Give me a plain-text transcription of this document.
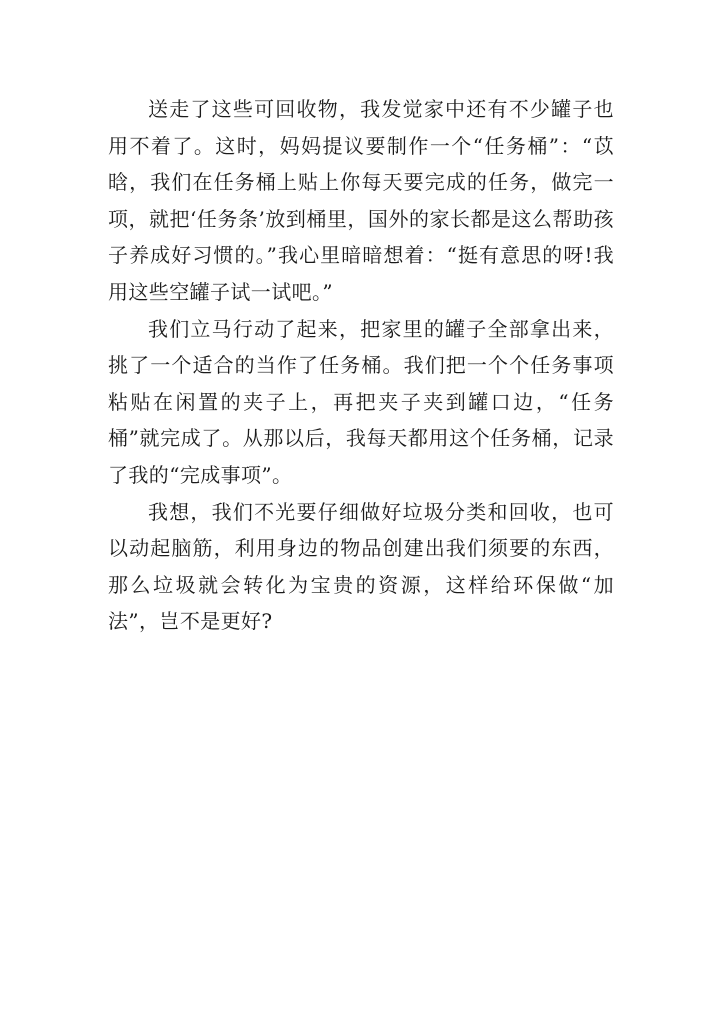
送走了这些可回收物，我发觉家中还有不少罐子也用不着了。这时，妈妈提议要制作一个“任务桶”：“苡晗，我们在任务桶上贴上你每天要完成的任务，做完一项，就把‘任务条’放到桶里，国外的家长都是这么帮助孩子养成好习惯的。”我心里暗暗想着：“挺有意思的呀!我用这些空罐子试一试吧。”

我们立马行动了起来，把家里的罐子全部拿出来，挑了一个适合的当作了任务桶。我们把一个个任务事项粘贴在闲置的夹子上，再把夹子夹到罐口边，“任务桶”就完成了。从那以后，我每天都用这个任务桶，记录了我的“完成事项”。

我想，我们不光要仔细做好垃圾分类和回收，也可以动起脑筋，利用身边的物品创建出我们须要的东西，那么垃圾就会转化为宝贵的资源，这样给环保做“加法”，岂不是更好?
